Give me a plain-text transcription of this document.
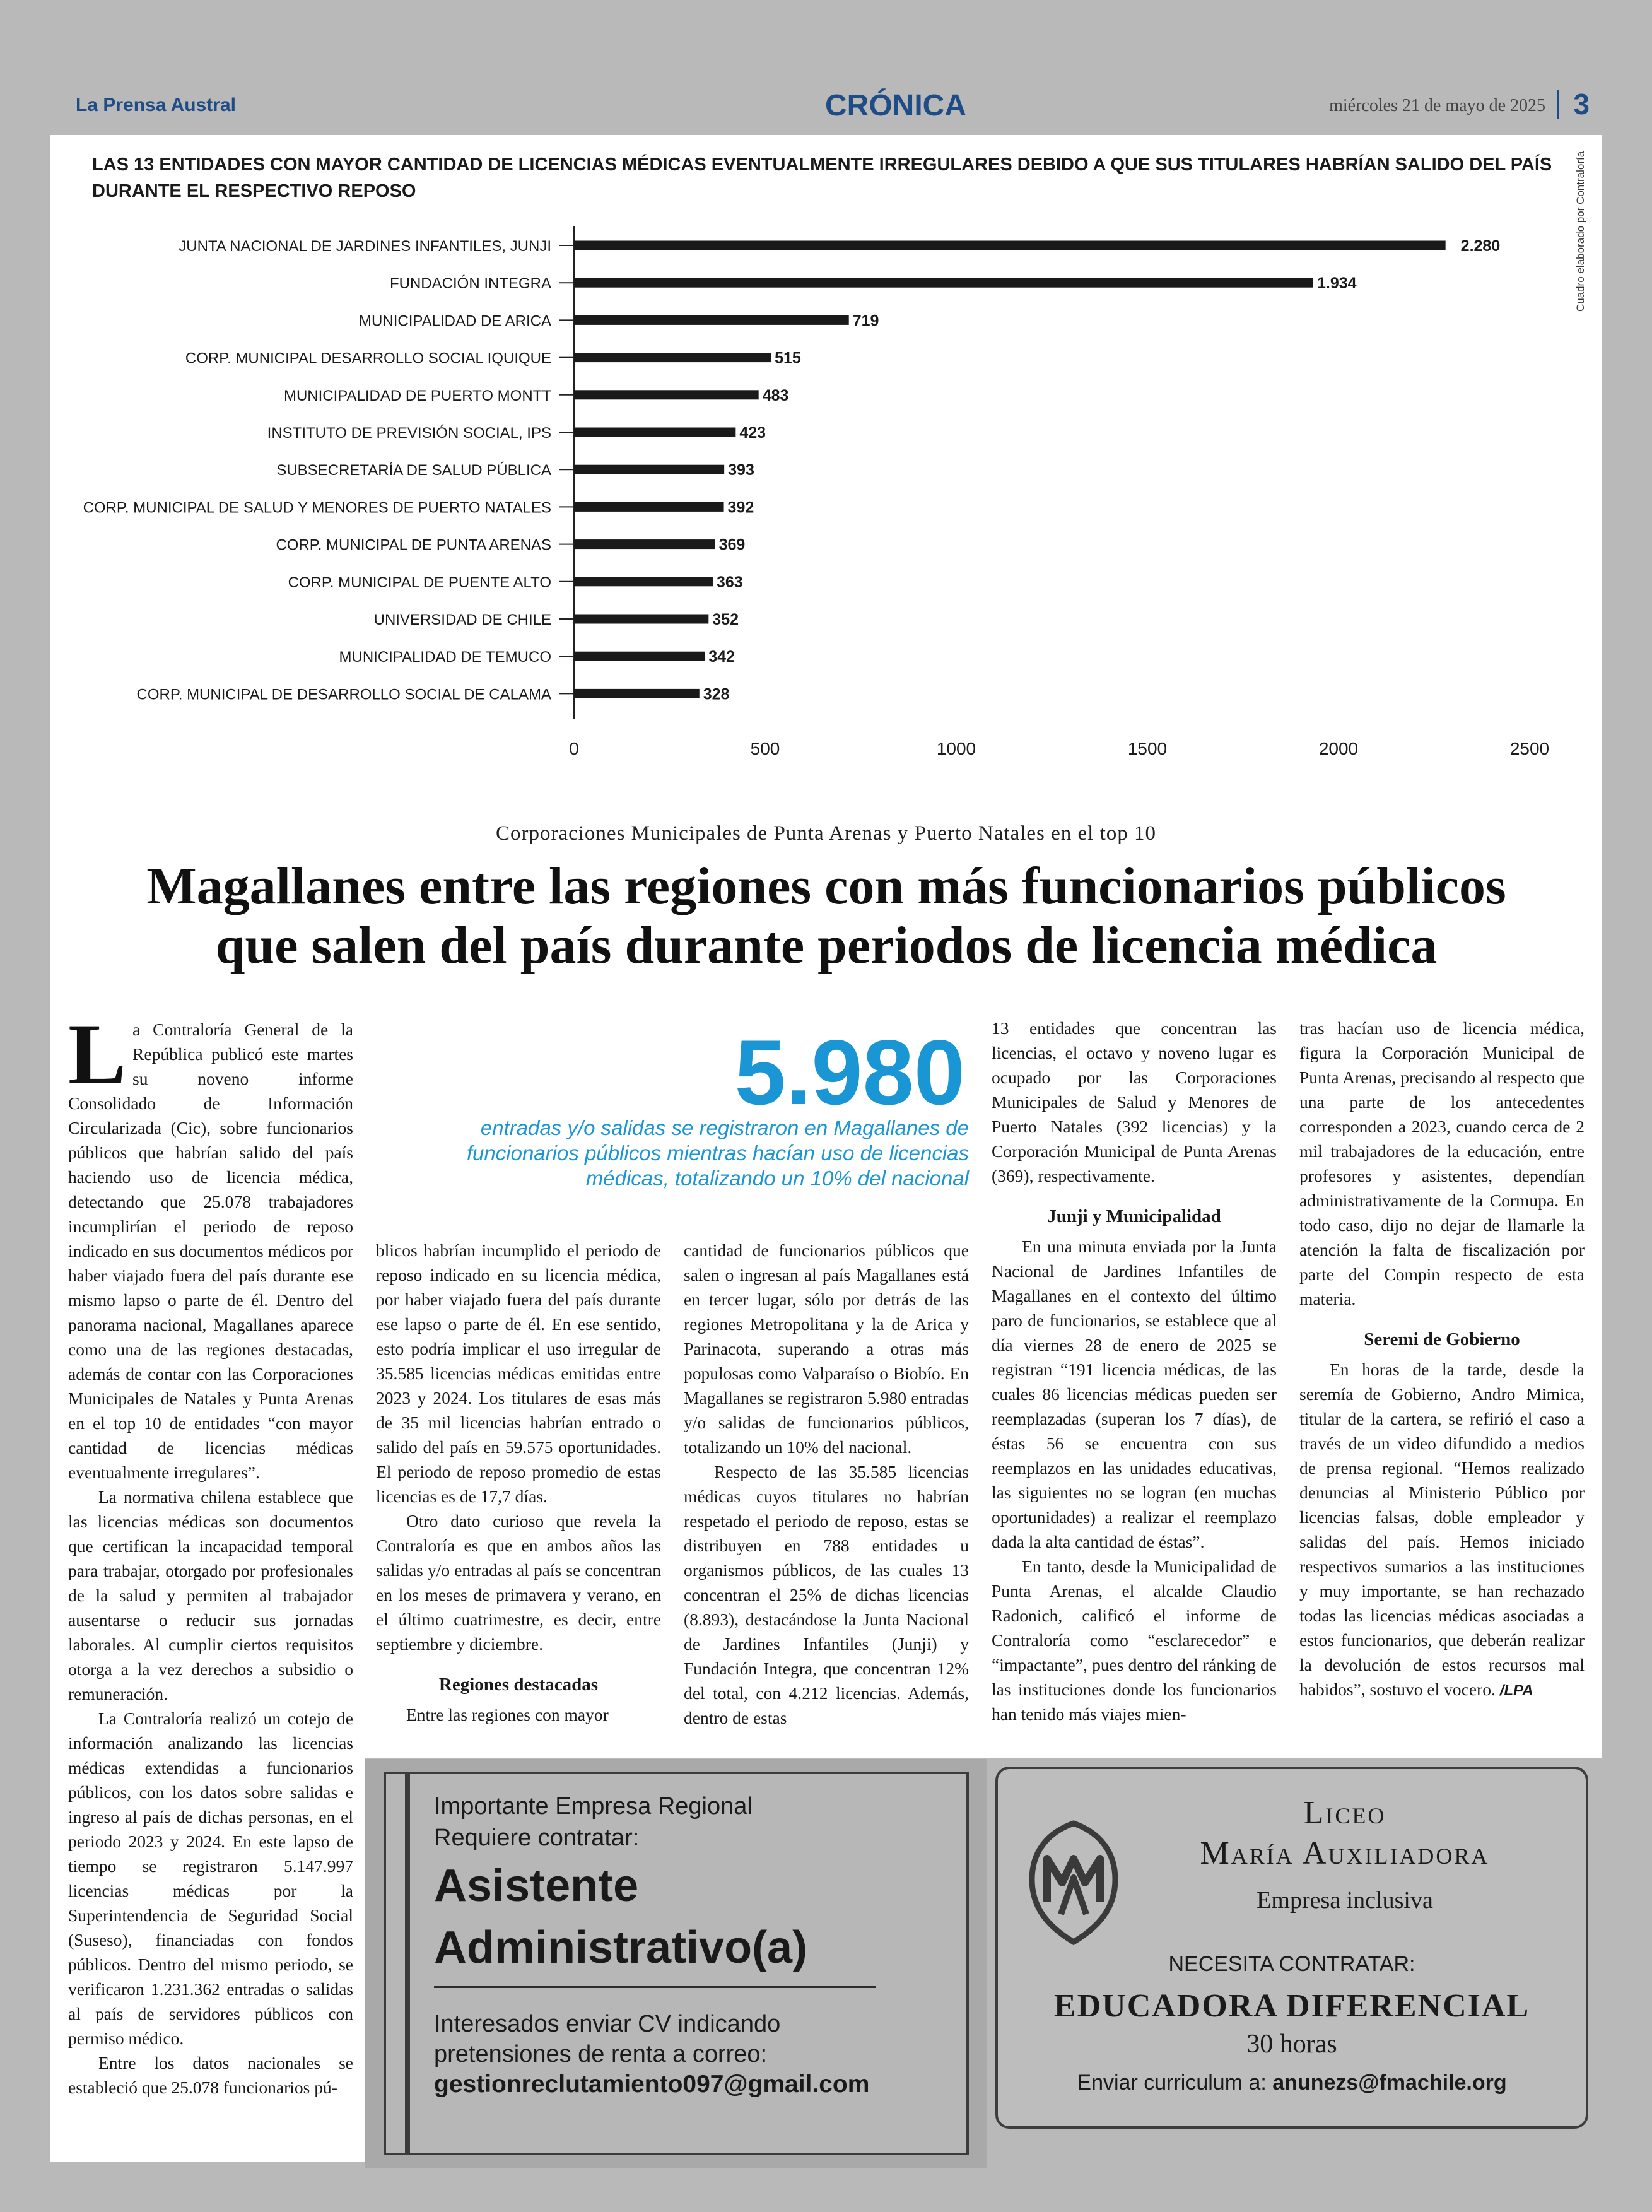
La Prensa Austral	CRÓNICA	miércoles 21 de mayo de 2025 3
LAS 13 ENTIDADES CON MAYOR CANTIDAD DE LICENCIAS MÉDICAS EVENTUALMENTE IRREGULARES DEBIDO A QUE SUS TITULARES HABRÍAN SALIDO DEL PAÍS DURANTE EL RESPECTIVO REPOSO	Cuadro elaborado por Contraloría
JUNTA NACIONAL DE JARDINES INFANTILES, JUNJI	2.280
FUNDACIÓN INTEGRA	1.934
MUNICIPALIDAD DE ARICA	719
CORP. MUNICIPAL DESARROLLO SOCIAL IQUIQUE	515
MUNICIPALIDAD DE PUERTO MONTT	483
INSTITUTO DE PREVISIÓN SOCIAL, IPS	423
SUBSECRETARÍA DE SALUD PÚBLICA	393
CORP. MUNICIPAL DE SALUD Y MENORES DE PUERTO NATALES	392
CORP. MUNICIPAL DE PUNTA ARENAS	369
CORP. MUNICIPAL DE PUENTE ALTO	363
UNIVERSIDAD DE CHILE	352
MUNICIPALIDAD DE TEMUCO	342
CORP. MUNICIPAL DE DESARROLLO SOCIAL DE CALAMA	328
0	500	1000	1500	2000	2500
Corporaciones Municipales de Punta Arenas y Puerto Natales en el top 10
Magallanes entre las regiones con más funcionarios públicos
que salen del país durante periodos de licencia médica
5.980
entradas y/o salidas se registraron en Magallanes de funcionarios públicos mientras hacían uso de licencias médicas, totalizando un 10% del nacional

La Contraloría General de la República publicó este martes su noveno informe Consolidado de Información Circularizada (Cic), sobre funcionarios públicos que habrían salido del país haciendo uso de licencia médica, detectando que 25.078 trabajadores incumplirían el periodo de reposo indicado en sus documentos médicos por haber viajado fuera del país durante ese mismo lapso o parte de él. Dentro del panorama nacional, Magallanes aparece como una de las regiones destacadas, además de contar con las Corporaciones Municipales de Natales y Punta Arenas en el top 10 de entidades “con mayor cantidad de licencias médicas eventualmente irregulares”.

La normativa chilena establece que las licencias médicas son documentos que certifican la incapacidad temporal para trabajar, otorgado por profesionales de la salud y permiten al trabajador ausentarse o reducir sus jornadas laborales. Al cumplir ciertos requisitos otorga a la vez derechos a subsidio o remuneración.

La Contraloría realizó un cotejo de información analizando las licencias médicas extendidas a funcionarios públicos, con los datos sobre salidas e ingreso al país de dichas personas, en el periodo 2023 y 2024. En este lapso de tiempo se registraron 5.147.997 licencias médicas por la Superintendencia de Seguridad Social (Suseso), financiadas con fondos públicos. Dentro del mismo periodo, se verificaron 1.231.362 entradas o salidas al país de servidores públicos con permiso médico.

Entre los datos nacionales se estableció que 25.078 funcionarios pú-

blicos habrían incumplido el periodo de reposo indicado en su licencia médica, por haber viajado fuera del país durante ese lapso o parte de él. En ese sentido, esto podría implicar el uso irregular de 35.585 licencias médicas emitidas entre 2023 y 2024. Los titulares de esas más de 35 mil licencias habrían entrado o salido del país en 59.575 oportunidades. El periodo de reposo promedio de estas licencias es de 17,7 días.

Otro dato curioso que revela la Contraloría es que en ambos años las salidas y/o entradas al país se concentran en los meses de primavera y verano, en el último cuatrimestre, es decir, entre septiembre y diciembre.

Regiones destacadas

Entre las regiones con mayor

cantidad de funcionarios públicos que salen o ingresan al país Magallanes está en tercer lugar, sólo por detrás de las regiones Metropolitana y la de Arica y Parinacota, superando a otras más populosas como Valparaíso o Biobío. En Magallanes se registraron 5.980 entradas y/o salidas de funcionarios públicos, totalizando un 10% del nacional.

Respecto de las 35.585 licencias médicas cuyos titulares no habrían respetado el periodo de reposo, estas se distribuyen en 788 entidades u organismos públicos, de las cuales 13 concentran el 25% de dichas licencias (8.893), destacándose la Junta Nacional de Jardines Infantiles (Junji) y Fundación Integra, que concentran 12% del total, con 4.212 licencias. Además, dentro de estas

13 entidades que concentran las licencias, el octavo y noveno lugar es ocupado por las Corporaciones Municipales de Salud y Menores de Puerto Natales (392 licencias) y la Corporación Municipal de Punta Arenas (369), respectivamente.

Junji y Municipalidad

En una minuta enviada por la Junta Nacional de Jardines Infantiles de Magallanes en el contexto del último paro de funcionarios, se establece que al día viernes 28 de enero de 2025 se registran “191 licencia médicas, de las cuales 86 licencias médicas pueden ser reemplazadas (superan los 7 días), de éstas 56 se encuentra con sus reemplazos en las unidades educativas, las siguientes no se logran (en muchas oportunidades) a realizar el reemplazo dada la alta cantidad de éstas”.

En tanto, desde la Municipalidad de Punta Arenas, el alcalde Claudio Radonich, calificó el informe de Contraloría como “esclarecedor” e “impactante”, pues dentro del ránking de las instituciones donde los funcionarios han tenido más viajes mien-

tras hacían uso de licencia médica, figura la Corporación Municipal de Punta Arenas, precisando al respecto que una parte de los antecedentes corresponden a 2023, cuando cerca de 2 mil trabajadores de la educación, entre profesores y asistentes, dependían administrativamente de la Cormupa. En todo caso, dijo no dejar de llamarle la atención la falta de fiscalización por parte del Compin respecto de esta materia.

Seremi de Gobierno

En horas de la tarde, desde la seremía de Gobierno, Andro Mimica, titular de la cartera, se refirió el caso a través de un video difundido a medios de prensa regional. “Hemos realizado denuncias al Ministerio Público por licencias falsas, doble empleador y salidas del país. Hemos iniciado respectivos sumarios a las instituciones y muy importante, se han rechazado todas las licencias médicas asociadas a estos funcionarios, que deberán realizar la devolución de estos recursos mal habidos”, sostuvo el vocero. /LPA

Importante Empresa Regional
Requiere contratar:
Asistente
Administrativo(a)
Interesados enviar CV indicando
pretensiones de renta a correo:
gestionreclutamiento097@gmail.com
Liceo
María Auxiliadora
Empresa inclusiva
NECESITA CONTRATAR:
EDUCADORA DIFERENCIAL
30 horas
Enviar curriculum a: anunezs@fmachile.org
